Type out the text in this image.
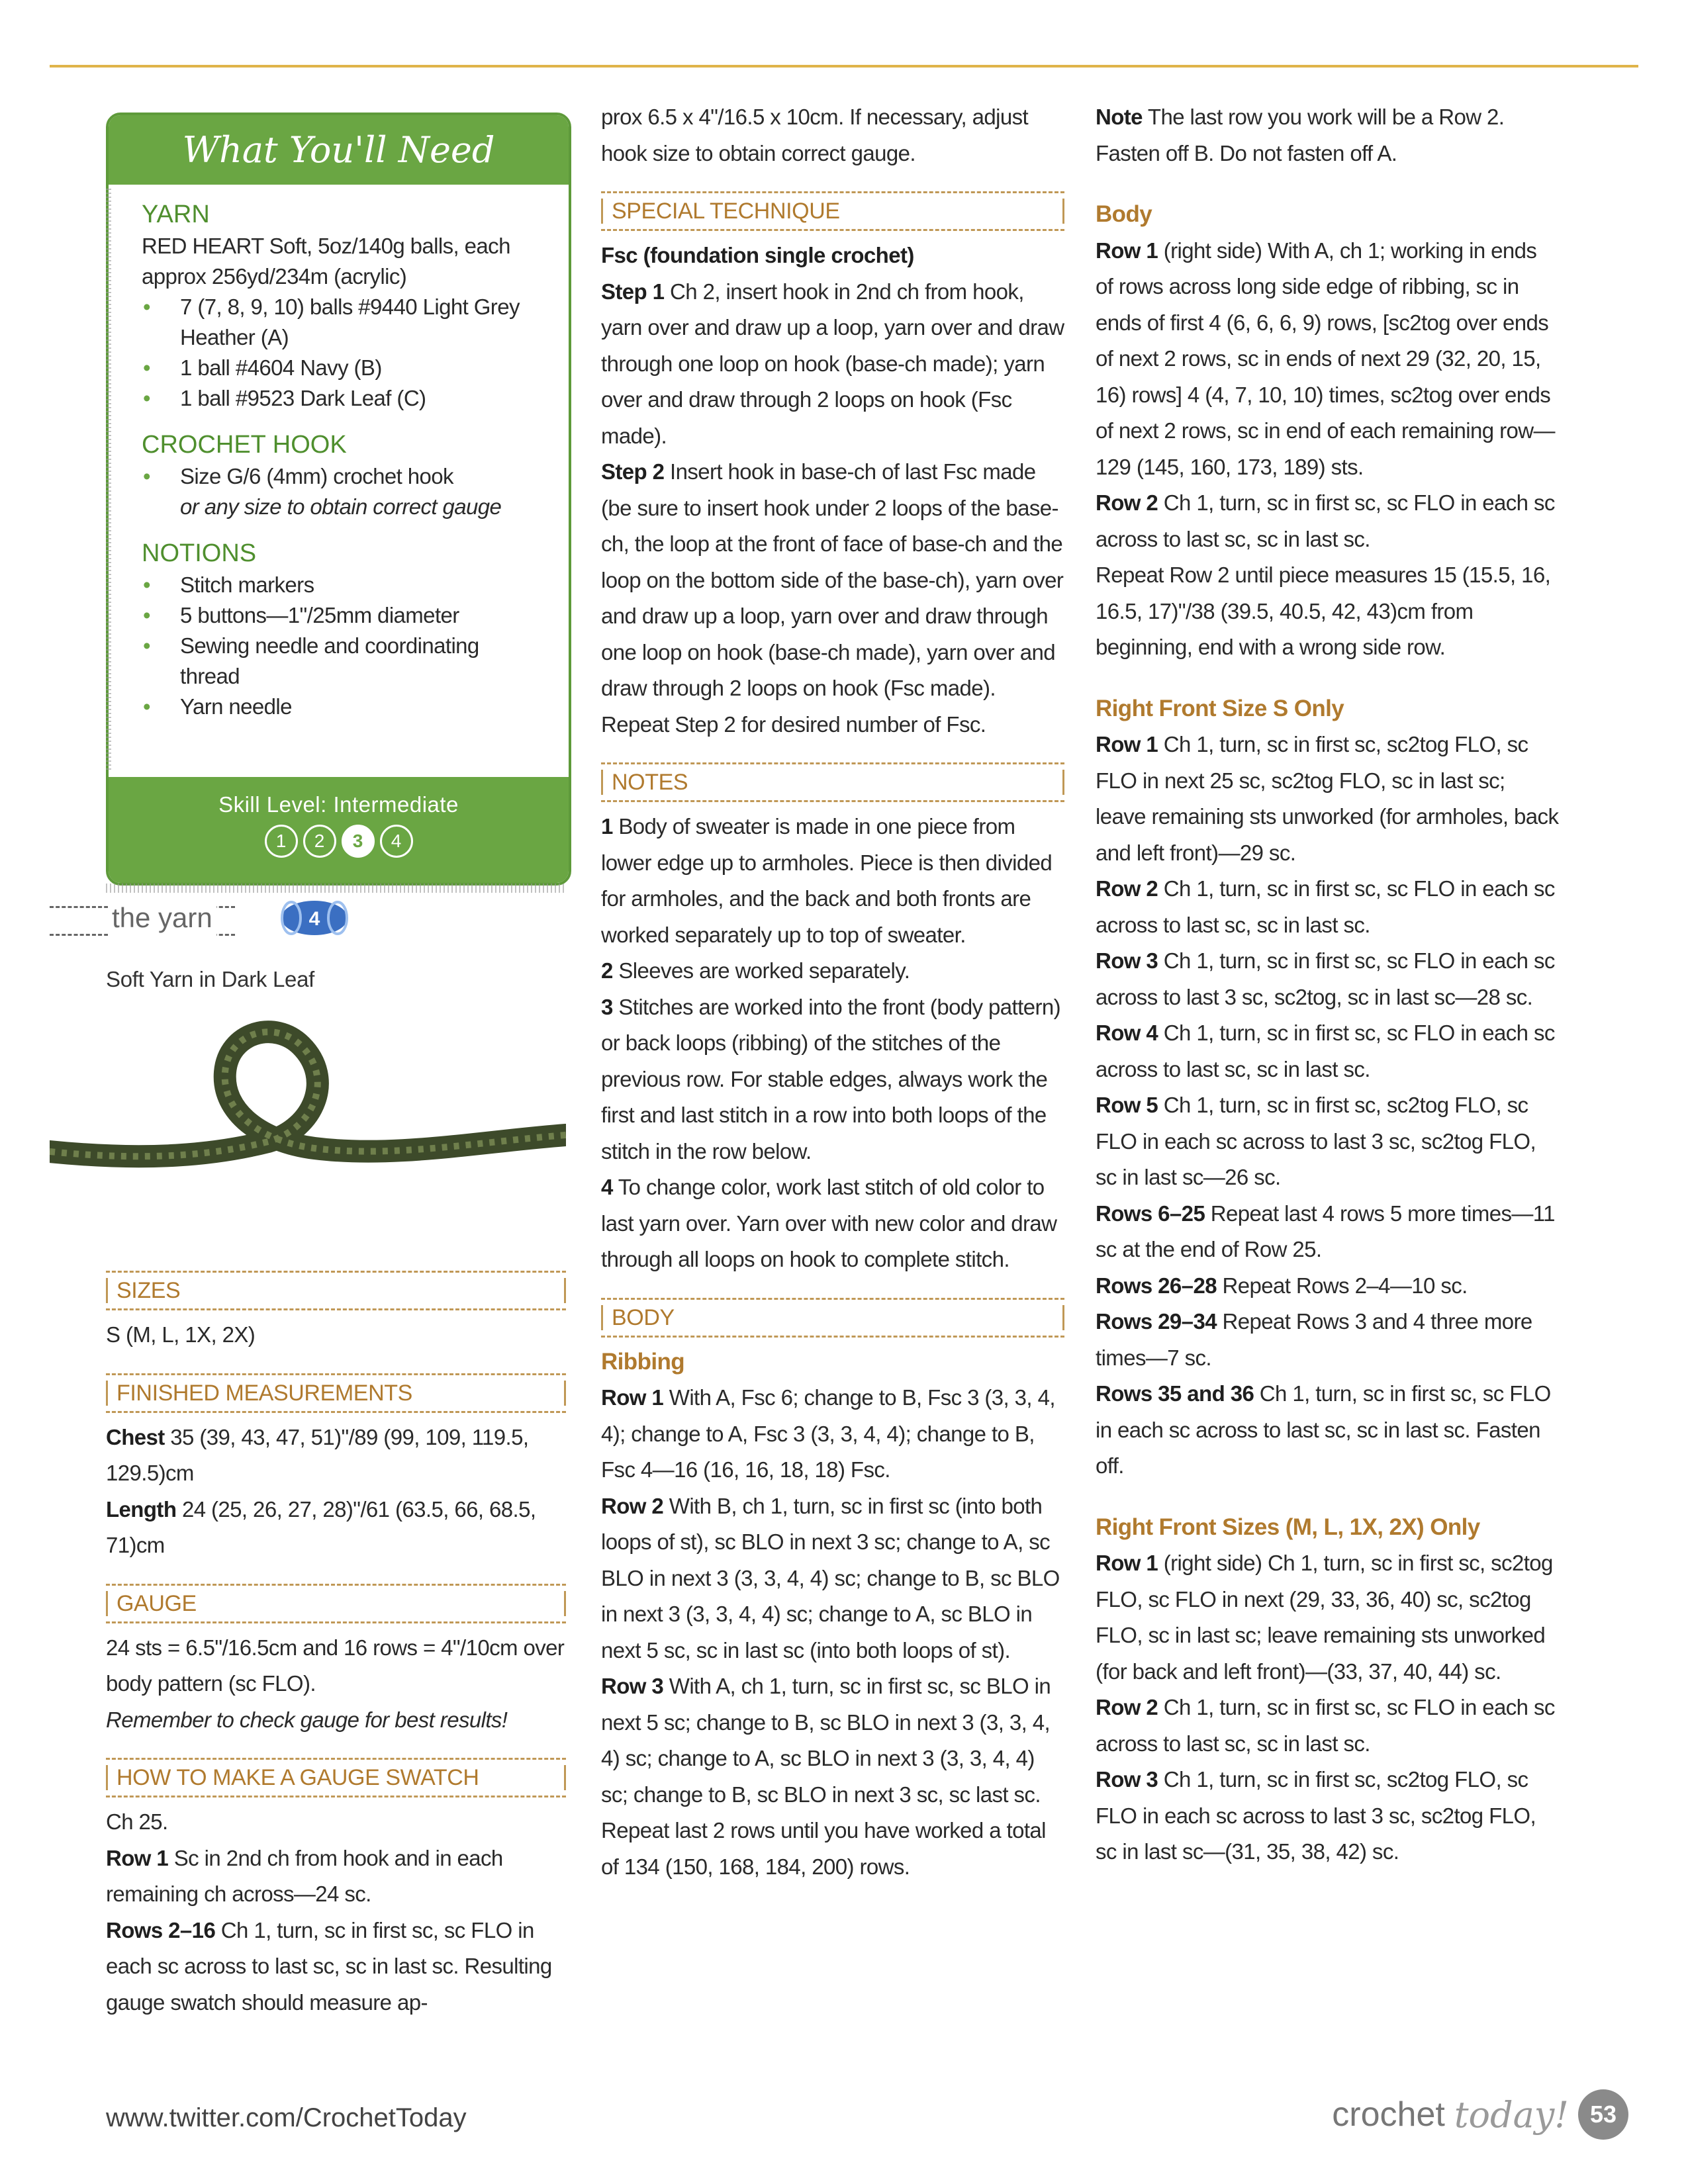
What You'll Need
YARN

RED HEART Soft, 5oz/140g balls, each approx 256yd/234m (acrylic)

• 7 (7, 8, 9, 10) balls #9440 Light Grey Heather (A)
• 1 ball #4604 Navy (B)
• 1 ball #9523 Dark Leaf (C)
CROCHET HOOK
• Size G/6 (4mm) crochet hook
or any size to obtain correct gauge
NOTIONS
• Stitch markers
• 5 buttons—1"/25mm diameter
• Sewing needle and coordinating thread
• Yarn needle
Skill Level: Intermediate
1	2	3	4
the yarn	4
Soft Yarn in Dark Leaf
SIZES

S (M, L, 1X, 2X)

FINISHED MEASUREMENTS

Chest 35 (39, 43, 47, 51)"/89 (99, 109, 119.5, 129.5)cm

Length 24 (25, 26, 27, 28)"/61 (63.5, 66, 68.5, 71)cm

GAUGE

24 sts = 6.5"/16.5cm and 16 rows = 4"/10cm over body pattern (sc FLO).

Remember to check gauge for best results!

HOW TO MAKE A GAUGE SWATCH

Ch 25.

Row 1 Sc in 2nd ch from hook and in each remaining ch across—24 sc.

Rows 2–16 Ch 1, turn, sc in first sc, sc FLO in each sc across to last sc, sc in last sc. Resulting gauge swatch should measure ap-

prox 6.5 x 4"/16.5 x 10cm. If necessary, adjust hook size to obtain correct gauge.

SPECIAL TECHNIQUE

Fsc (foundation single crochet)

Step 1 Ch 2, insert hook in 2nd ch from hook, yarn over and draw up a loop, yarn over and draw through one loop on hook (base-ch made); yarn over and draw through 2 loops on hook (Fsc made).

Step 2 Insert hook in base-ch of last Fsc made (be sure to insert hook under 2 loops of the base-ch, the loop at the front of face of base-ch and the loop on the bottom side of the base-ch), yarn over and draw up a loop, yarn over and draw through one loop on hook (base-ch made), yarn over and draw through 2 loops on hook (Fsc made).

Repeat Step 2 for desired number of Fsc.

NOTES

1 Body of sweater is made in one piece from lower edge up to armholes. Piece is then divided for armholes, and the back and both fronts are worked separately up to top of sweater.

2 Sleeves are worked separately.

3 Stitches are worked into the front (body pattern) or back loops (ribbing) of the stitches of the previous row. For stable edges, always work the first and last stitch in a row into both loops of the stitch in the row below.

4 To change color, work last stitch of old color to last yarn over. Yarn over with new color and draw through all loops on hook to complete stitch.

BODY

Ribbing

Row 1 With A, Fsc 6; change to B, Fsc 3 (3, 3, 4, 4); change to A, Fsc 3 (3, 3, 4, 4); change to B, Fsc 4—16 (16, 16, 18, 18) Fsc.

Row 2 With B, ch 1, turn, sc in first sc (into both loops of st), sc BLO in next 3 sc; change to A, sc BLO in next 3 (3, 3, 4, 4) sc; change to B, sc BLO in next 3 (3, 3, 4, 4) sc; change to A, sc BLO in next 5 sc, sc in last sc (into both loops of st).

Row 3 With A, ch 1, turn, sc in first sc, sc BLO in next 5 sc; change to B, sc BLO in next 3 (3, 3, 4, 4) sc; change to A, sc BLO in next 3 (3, 3, 4, 4) sc; change to B, sc BLO in next 3 sc, sc last sc.

Repeat last 2 rows until you have worked a total of 134 (150, 168, 184, 200) rows.

Note The last row you work will be a Row 2. Fasten off B. Do not fasten off A.

Body

Row 1 (right side) With A, ch 1; working in ends of rows across long side edge of ribbing, sc in ends of first 4 (6, 6, 6, 9) rows, [sc2tog over ends of next 2 rows, sc in ends of next 29 (32, 20, 15, 16) rows] 4 (4, 7, 10, 10) times, sc2tog over ends of next 2 rows, sc in end of each remaining row—129 (145, 160, 173, 189) sts.

Row 2 Ch 1, turn, sc in first sc, sc FLO in each sc across to last sc, sc in last sc.

Repeat Row 2 until piece measures 15 (15.5, 16, 16.5, 17)"/38 (39.5, 40.5, 42, 43)cm from beginning, end with a wrong side row.

Right Front Size S Only

Row 1 Ch 1, turn, sc in first sc, sc2tog FLO, sc FLO in next 25 sc, sc2tog FLO, sc in last sc; leave remaining sts unworked (for armholes, back and left front)—29 sc.

Row 2 Ch 1, turn, sc in first sc, sc FLO in each sc across to last sc, sc in last sc.

Row 3 Ch 1, turn, sc in first sc, sc FLO in each sc across to last 3 sc, sc2tog, sc in last sc—28 sc.

Row 4 Ch 1, turn, sc in first sc, sc FLO in each sc across to last sc, sc in last sc.

Row 5 Ch 1, turn, sc in first sc, sc2tog FLO, sc FLO in each sc across to last 3 sc, sc2tog FLO, sc in last sc—26 sc.

Rows 6–25 Repeat last 4 rows 5 more times—11 sc at the end of Row 25.

Rows 26–28 Repeat Rows 2–4—10 sc.

Rows 29–34 Repeat Rows 3 and 4 three more times—7 sc.

Rows 35 and 36 Ch 1, turn, sc in first sc, sc FLO in each sc across to last sc, sc in last sc. Fasten off.

Right Front Sizes (M, L, 1X, 2X) Only

Row 1 (right side) Ch 1, turn, sc in first sc, sc2tog FLO, sc FLO in next (29, 33, 36, 40) sc, sc2tog FLO, sc in last sc; leave remaining sts unworked (for back and left front)—(33, 37, 40, 44) sc.

Row 2 Ch 1, turn, sc in first sc, sc FLO in each sc across to last sc, sc in last sc.

Row 3 Ch 1, turn, sc in first sc, sc2tog FLO, sc FLO in each sc across to last 3 sc, sc2tog FLO, sc in last sc—(31, 35, 38, 42) sc.

www.twitter.com/CrochetToday	crochet today! 53
